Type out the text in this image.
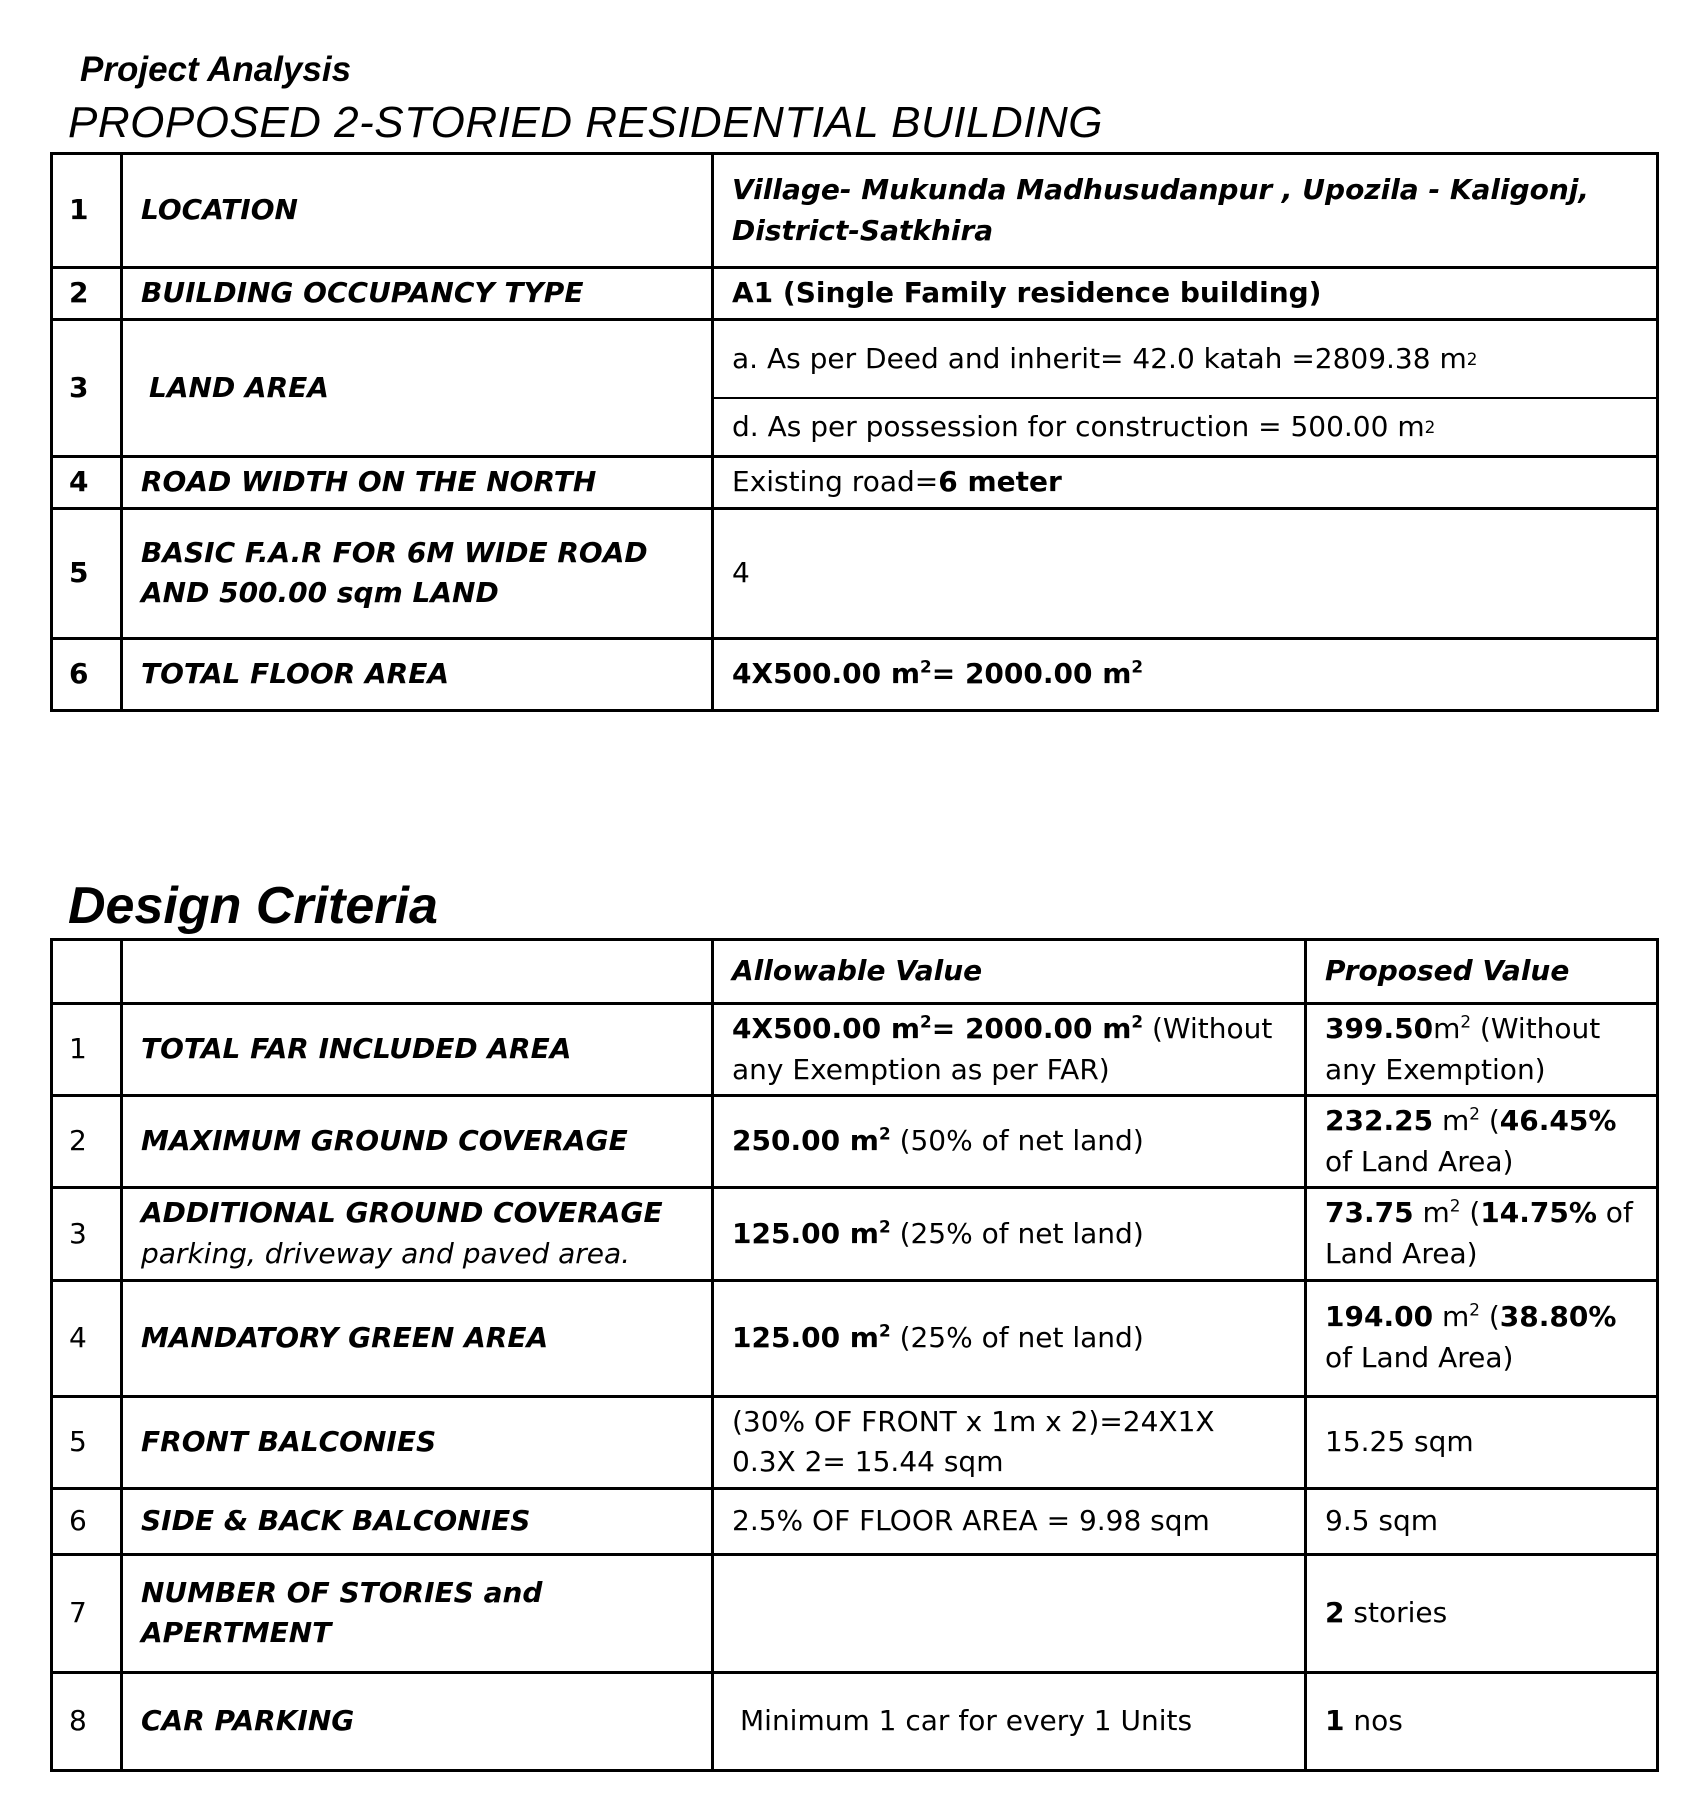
Project Analysis
PROPOSED 2-STORIED RESIDENTIAL BUILDING
1	LOCATION	Village- Mukunda Madhusudanpur , Upozila - Kaligonj,
District-Satkhira

2	BUILDING OCCUPANCY TYPE	A1 (Single Family residence building)
3	LAND AREA	a. As per Deed and inherit= 42.0 katah =2809.38 m 2
d. As per possession for construction = 500.00 m 2

4	ROAD WIDTH ON THE NORTH	Existing road=6 meter
5	BASIC F.A.R FOR 6M WIDE ROAD
AND 500.00 sqm LAND	4
6	TOTAL FLOOR AREA	4X500.00 $m^2= 2000.00$ $m^2$
Design Criteria
		Allowable Value	Proposed Value
1	TOTAL FAR INCLUDED AREA	4X500.00 $m^2= 2000.00$ $m^2$ (Without any Exemption as per FAR)	$399.50m^2$ (Without any Exemption)
2	MAXIMUM GROUND COVERAGE	250.00 $m^2$ (50% of net land)	232.25 $m^2$ (46.45% of Land Area)
3	ADDITIONAL GROUND COVERAGE
parking, driveway and paved area.	125.00 $m^2$ (25% of net land)	73.75 $m^2$ (14.75% of Land Area)
4	MANDATORY GREEN AREA	125.00 $m^2$ (25% of net land)	194.00 $m^2$ (38.80% of Land Area)
5	FRONT BALCONIES	(30% OF FRONT x 1m x 2)=24X1X 0.3X 2= 15.44 sqm	15.25 sqm
6	SIDE & BACK BALCONIES	2.5% OF FLOOR AREA = 9.98 sqm	9.5 sqm
7	NUMBER OF STORIES and
APERTMENT		2 stories
8	CAR PARKING	Minimum 1 car for every 1 Units	1 nos
